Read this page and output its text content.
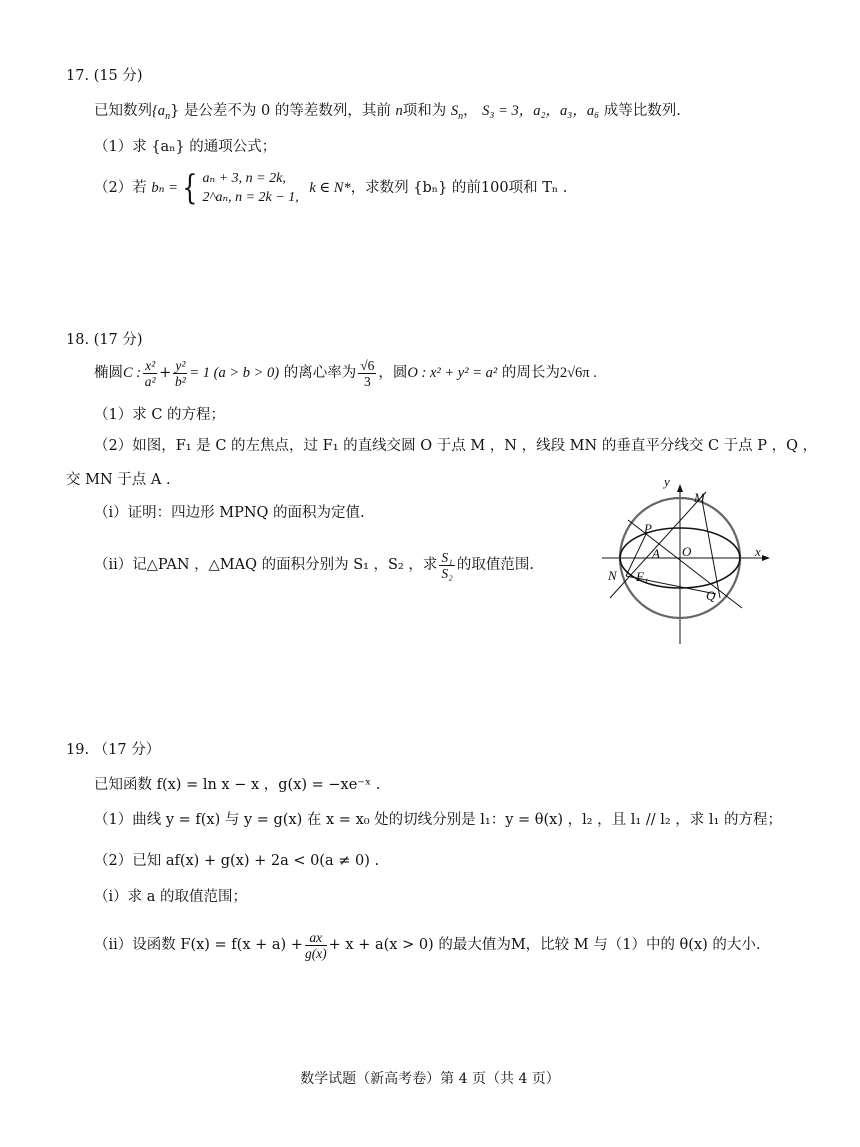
17. (15 分)
已知数列$\{a_n\}$ 是公差不为 0 的等差数列，其前 n项和为 $S_n$， S₃ = 3，a₂，a₃，a₆ 成等比数列.
（1）求 {aₙ} 的通项公式；
（2）若 bₙ = { aₙ + 3, n = 2k,
2^aₙ, n = 2k − 1,
k ∈ N*，求数列 {bₙ} 的前100项和 Tₙ .
18. (17 分)
椭圆C : $\frac{\text{x²}}{\text{a²}} + \frac{\text{y²}}{\text{b²}} = 1$ (a > b > 0) 的离心率为 $\frac{√6}{3}$ ，圆O : x² + y² = a² 的周长为2√6π .
（1）求 C 的方程；
（2）如图，F₁ 是 C 的左焦点，过 F₁ 的直线交圆 O 于点 M ，N ，线段 MN 的垂直平分线交 C 于点 P ，Q ，
交 MN 于点 A .
（i）证明：四边形 MPNQ 的面积为定值.
（ii）记△PAN ，△MAQ 的面积分别为 S₁ ，S₂ ，求 $\frac{\text{S₁}}{\text{S₂}}$ 的取值范围.
y
x
M
P
A O
N F₁
Q
19. （17 分）
已知函数 f(x) = ln x − x ，g(x) = −xe⁻ˣ .
（1）曲线 y = f(x) 与 y = g(x) 在 x = x₀ 处的切线分别是 l₁：y = θ(x) ，l₂ ，且 l₁ // l₂ ，求 l₁ 的方程；
（2）已知 af(x) + g(x) + 2a < 0(a ≠ 0) .
（i）求 a 的取值范围；
（ii）设函数 $F(x) = f(x + a) + \frac{ax}{g(x)} + x + a(x > 0)$ 的最大值为M，比较 M 与（1）中的 θ(x) 的大小.
数学试题（新高考卷）第 4 页（共 4 页）
